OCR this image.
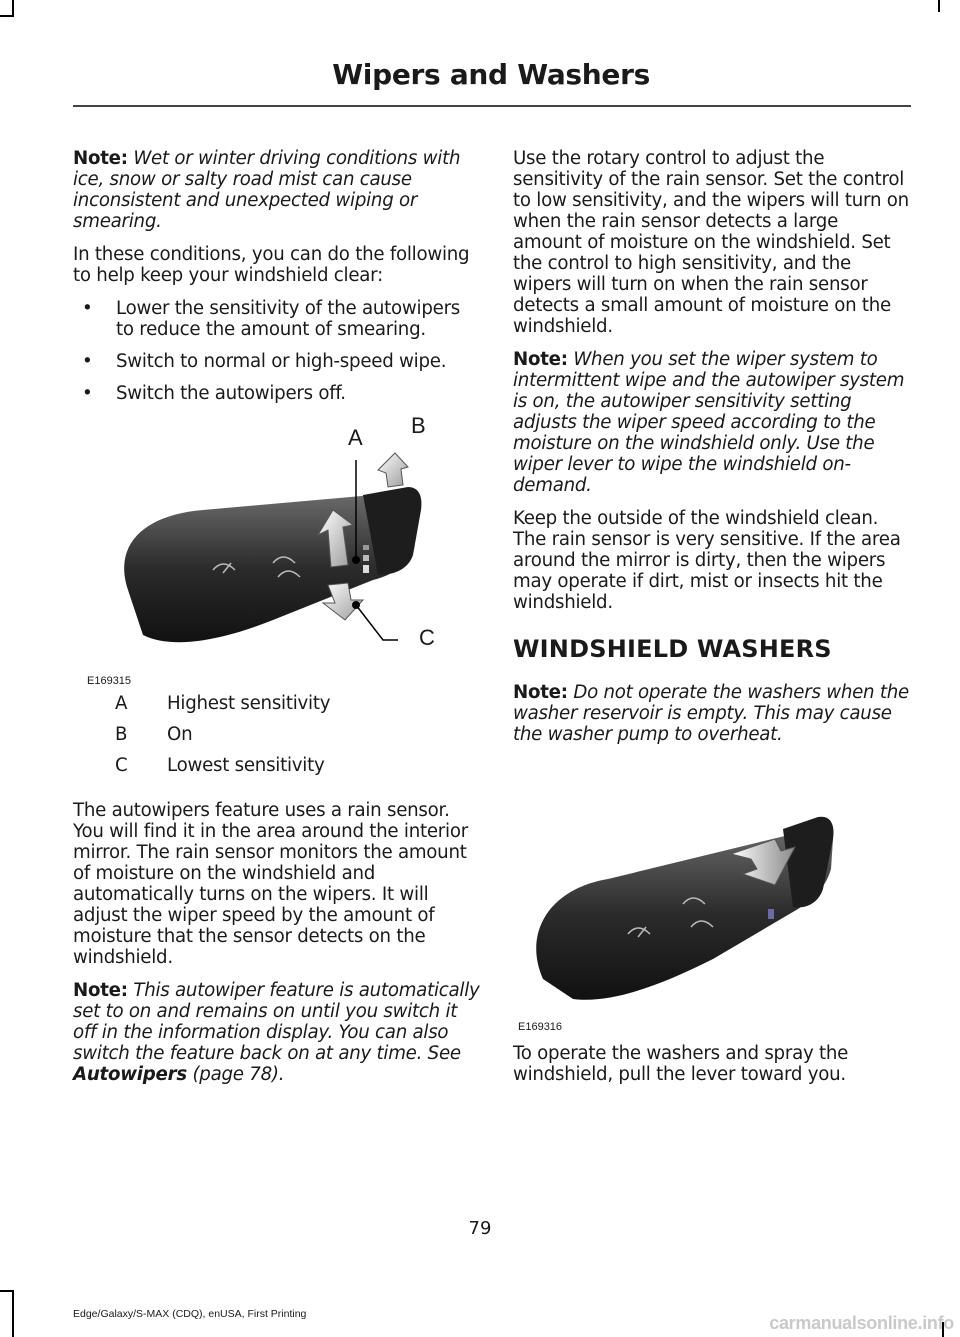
Wipers and Washers

Note: Wet or winter driving conditions with ice, snow or salty road mist can cause inconsistent and unexpected wiping or smearing.

In these conditions, you can do the following to help keep your windshield clear:

• Lower the sensitivity of the autowipers to reduce the amount of smearing.
• Switch to normal or high-speed wipe.
• Switch the autowipers off.
A B
C
E169315
A	Highest sensitivity
B	On
C	Lowest sensitivity

The autowipers feature uses a rain sensor. You will find it in the area around the interior mirror. The rain sensor monitors the amount of moisture on the windshield and automatically turns on the wipers. It will adjust the wiper speed by the amount of moisture that the sensor detects on the windshield.

Note: This autowiper feature is automatically set to on and remains on until you switch it off in the information display. You can also switch the feature back on at any time. See Autowipers (page 78).

Use the rotary control to adjust the sensitivity of the rain sensor. Set the control to low sensitivity, and the wipers will turn on when the rain sensor detects a large amount of moisture on the windshield. Set the control to high sensitivity, and the wipers will turn on when the rain sensor detects a small amount of moisture on the windshield.

Note: When you set the wiper system to intermittent wipe and the autowiper system is on, the autowiper sensitivity setting adjusts the wiper speed according to the moisture on the windshield only. Use the wiper lever to wipe the windshield on-demand.

Keep the outside of the windshield clean. The rain sensor is very sensitive. If the area around the mirror is dirty, then the wipers may operate if dirt, mist or insects hit the windshield.

WINDSHIELD WASHERS

Note: Do not operate the washers when the washer reservoir is empty. This may cause the washer pump to overheat.

E169316

To operate the washers and spray the windshield, pull the lever toward you.

79
Edge/Galaxy/S-MAX (CDQ), enUSA, First Printing	carmanualsonline.info
